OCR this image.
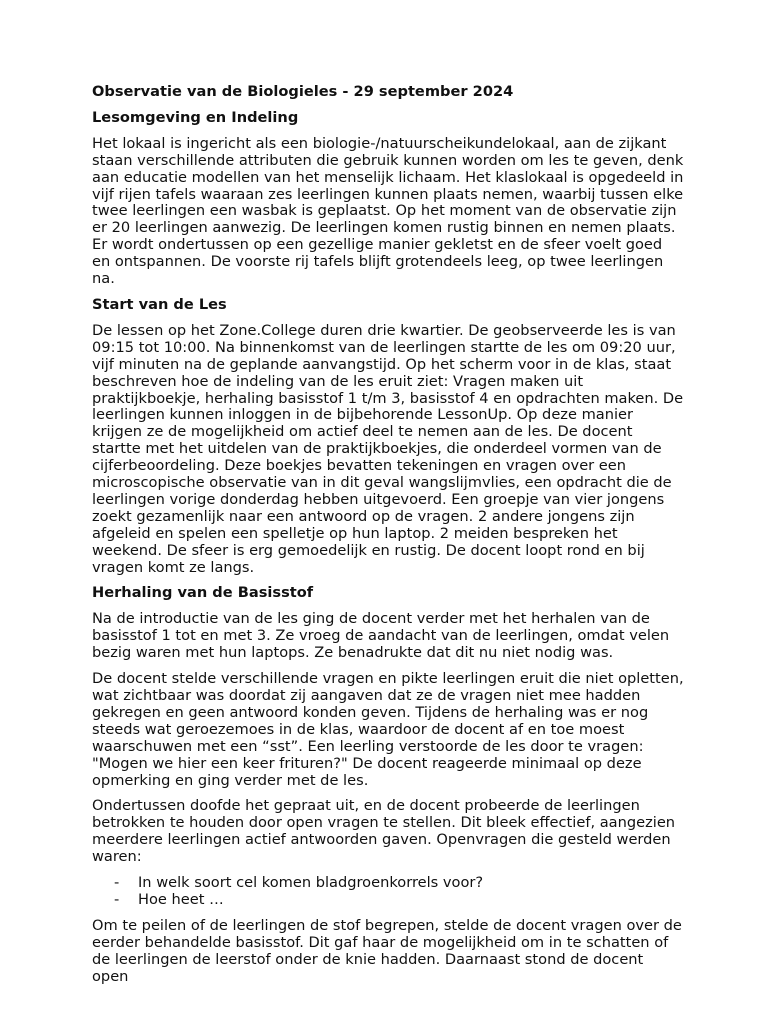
Observatie van de Biologieles - 29 september 2024
Lesomgeving en Indeling

Het lokaal is ingericht als een biologie-/natuurscheikundelokaal, aan de zijkant staan verschillende attributen die gebruik kunnen worden om les te geven, denk aan educatie modellen van het menselijk lichaam. Het klaslokaal is opgedeeld in vijf rijen tafels waaraan zes leerlingen kunnen plaats nemen, waarbij tussen elke twee leerlingen een wasbak is geplaatst. Op het moment van de observatie zijn er 20 leerlingen aanwezig. De leerlingen komen rustig binnen en nemen plaats. Er wordt ondertussen op een gezellige manier gekletst en de sfeer voelt goed en ontspannen. De voorste rij tafels blijft grotendeels leeg, op twee leerlingen na.

Start van de Les

De lessen op het Zone.College duren drie kwartier. De geobserveerde les is van 09:15 tot 10:00. Na binnenkomst van de leerlingen startte de les om 09:20 uur, vijf minuten na de geplande aanvangstijd. Op het scherm voor in de klas, staat beschreven hoe de indeling van de les eruit ziet: Vragen maken uit praktijkboekje, herhaling basisstof 1 t/m 3, basisstof 4 en opdrachten maken. De leerlingen kunnen inloggen in de bijbehorende LessonUp. Op deze manier krijgen ze de mogelijkheid om actief deel te nemen aan de les. De docent startte met het uitdelen van de praktijkboekjes, die onderdeel vormen van de cijferbeoordeling. Deze boekjes bevatten tekeningen en vragen over een microscopische observatie van in dit geval wangslijmvlies, een opdracht die de leerlingen vorige donderdag hebben uitgevoerd. Een groepje van vier jongens zoekt gezamenlijk naar een antwoord op de vragen. 2 andere jongens zijn afgeleid en spelen een spelletje op hun laptop. 2 meiden bespreken het weekend. De sfeer is erg gemoedelijk en rustig. De docent loopt rond en bij vragen komt ze langs.

Herhaling van de Basisstof

Na de introductie van de les ging de docent verder met het herhalen van de basisstof 1 tot en met 3. Ze vroeg de aandacht van de leerlingen, omdat velen bezig waren met hun laptops. Ze benadrukte dat dit nu niet nodig was.

De docent stelde verschillende vragen en pikte leerlingen eruit die niet opletten, wat zichtbaar was doordat zij aangaven dat ze de vragen niet mee hadden gekregen en geen antwoord konden geven. Tijdens de herhaling was er nog steeds wat geroezemoes in de klas, waardoor de docent af en toe moest waarschuwen met een “sst”. Een leerling verstoorde de les door te vragen: "Mogen we hier een keer frituren?" De docent reageerde minimaal op deze opmerking en ging verder met de les.

Ondertussen doofde het gepraat uit, en de docent probeerde de leerlingen betrokken te houden door open vragen te stellen. Dit bleek effectief, aangezien meerdere leerlingen actief antwoorden gaven. Openvragen die gesteld werden waren:

- In welk soort cel komen bladgroenkorrels voor?
- Hoe heet …

Om te peilen of de leerlingen de stof begrepen, stelde de docent vragen over de eerder behandelde basisstof. Dit gaf haar de mogelijkheid om in te schatten of de leerlingen de leerstof onder de knie hadden. Daarnaast stond de docent open
